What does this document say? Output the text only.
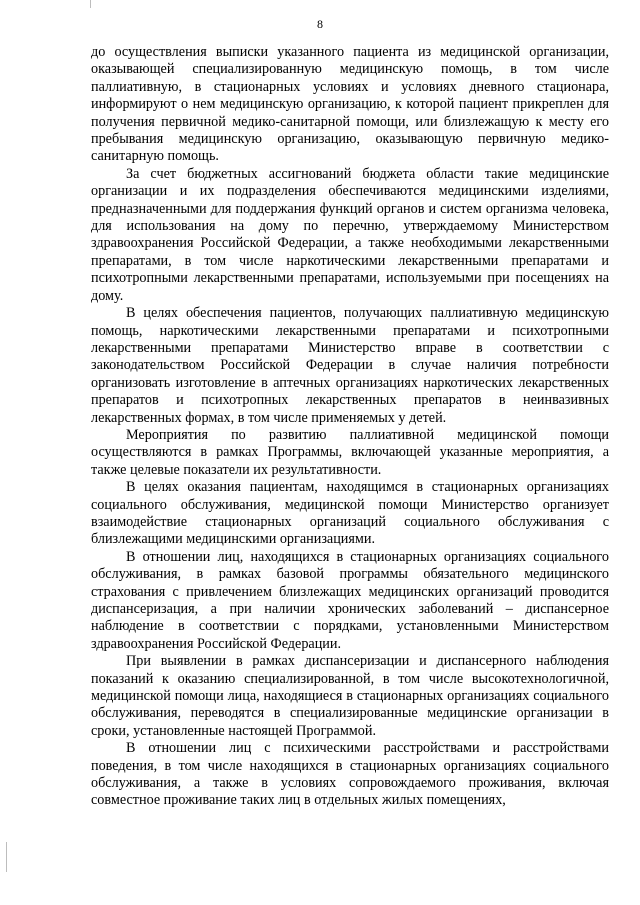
8

до осуществления выписки указанного пациента из медицинской организации, оказывающей специализированную медицинскую помощь, в том числе паллиативную, в стационарных условиях и условиях дневного стационара, информируют о нем медицинскую организацию, к которой пациент прикреплен для получения первичной медико-санитарной помощи, или близлежащую к месту его пребывания медицинскую организацию, оказывающую первичную медико-санитарную помощь.

За счет бюджетных ассигнований бюджета области такие медицинские организации и их подразделения обеспечиваются медицинскими изделиями, предназначенными для поддержания функций органов и систем организма человека, для использования на дому по перечню, утверждаемому Министерством здравоохранения Российской Федерации, а также необходимыми лекарственными препаратами, в том числе наркотическими лекарственными препаратами и психотропными лекарственными препаратами, используемыми при посещениях на дому.

В целях обеспечения пациентов, получающих паллиативную медицинскую помощь, наркотическими лекарственными препаратами и психотропными лекарственными препаратами Министерство вправе в соответствии с законодательством Российской Федерации в случае наличия потребности организовать изготовление в аптечных организациях наркотических лекарственных препаратов и психотропных лекарственных препаратов в неинвазивных лекарственных формах, в том числе применяемых у детей.

Мероприятия по развитию паллиативной медицинской помощи осуществляются в рамках Программы, включающей указанные мероприятия, а также целевые показатели их результативности.

В целях оказания пациентам, находящимся в стационарных организациях социального обслуживания, медицинской помощи Министерство организует взаимодействие стационарных организаций социального обслуживания с близлежащими медицинскими организациями.

В отношении лиц, находящихся в стационарных организациях социального обслуживания, в рамках базовой программы обязательного медицинского страхования с привлечением близлежащих медицинских организаций проводится диспансеризация, а при наличии хронических заболеваний – диспансерное наблюдение в соответствии с порядками, установленными Министерством здравоохранения Российской Федерации.

При выявлении в рамках диспансеризации и диспансерного наблюдения показаний к оказанию специализированной, в том числе высокотехнологичной, медицинской помощи лица, находящиеся в стационарных организациях социального обслуживания, переводятся в специализированные медицинские организации в сроки, установленные настоящей Программой.

В отношении лиц с психическими расстройствами и расстройствами поведения, в том числе находящихся в стационарных организациях социального обслуживания, а также в условиях сопровождаемого проживания, включая совместное проживание таких лиц в отдельных жилых помещениях,
